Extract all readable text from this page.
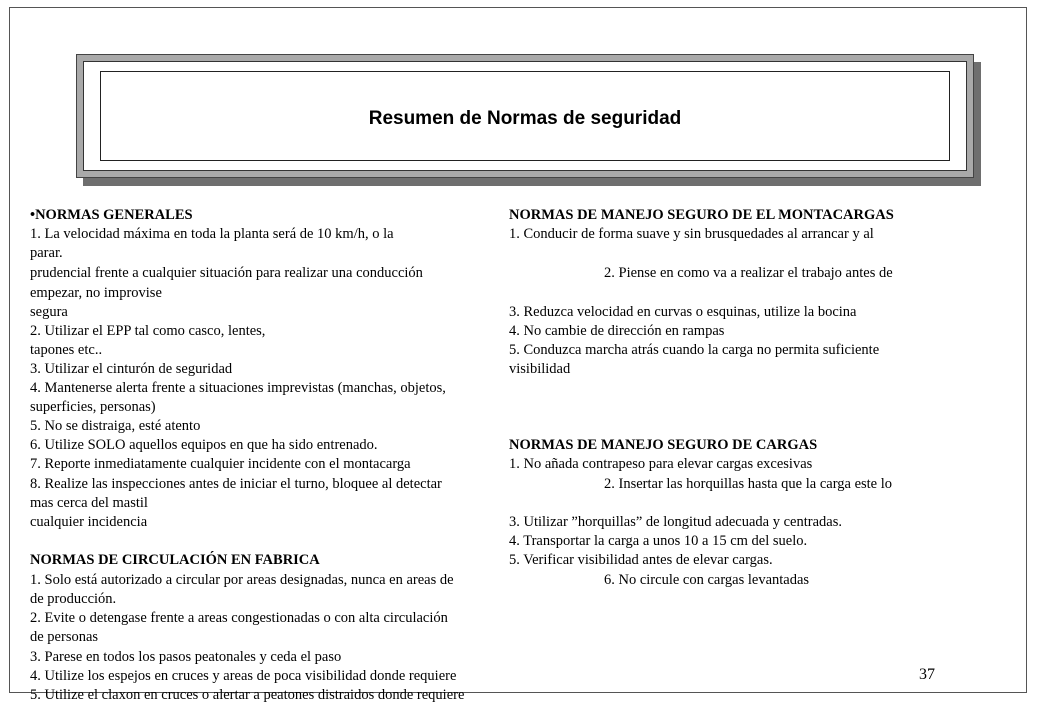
Resumen de Normas de seguridad
•NORMAS GENERALES
1. La velocidad máxima en toda la planta será de 10 km/h, o la
parar.
prudencial frente a cualquier situación para realizar una conducción
empezar, no improvise
segura
2. Utilizar el EPP tal como casco, lentes,
tapones etc..
3. Utilizar el cinturón de seguridad
4. Mantenerse alerta frente a situaciones imprevistas (manchas, objetos,
superficies, personas)
5. No se distraiga, esté atento
6. Utilize SOLO aquellos equipos en que ha sido entrenado.
7. Reporte inmediatamente cualquier incidente con el montacarga
8. Realize las inspecciones antes de iniciar el turno, bloquee al detectar
mas cerca del mastil
cualquier incidencia
NORMAS DE CIRCULACIÓN EN FABRICA
1. Solo está autorizado a circular por areas designadas, nunca en areas de
de producción.
2. Evite o detengase frente a areas congestionadas o con alta circulación
de personas
3. Parese en todos los pasos peatonales y ceda el paso
4. Utilize los espejos en cruces y areas de poca visibilidad donde requiere
5. Utilize el claxon en cruces o alertar a peatones distraidos donde requiere
NORMAS DE MANEJO SEGURO DE EL MONTACARGAS
1. Conducir de forma suave y sin brusquedades al arrancar y al
2. Piense en como va a realizar el trabajo antes de
3. Reduzca velocidad en curvas o esquinas, utilize la bocina
4. No cambie de dirección en rampas
5. Conduzca marcha atrás cuando la carga no permita suficiente
visibilidad
NORMAS DE MANEJO SEGURO DE CARGAS
1. No añada contrapeso para elevar cargas excesivas
2. Insertar las horquillas hasta que la carga este lo
3. Utilizar ”horquillas” de longitud adecuada y centradas.
4. Transportar la carga a unos 10 a 15 cm del suelo.
5. Verificar visibilidad antes de elevar cargas.
6. No circule con cargas levantadas
37
